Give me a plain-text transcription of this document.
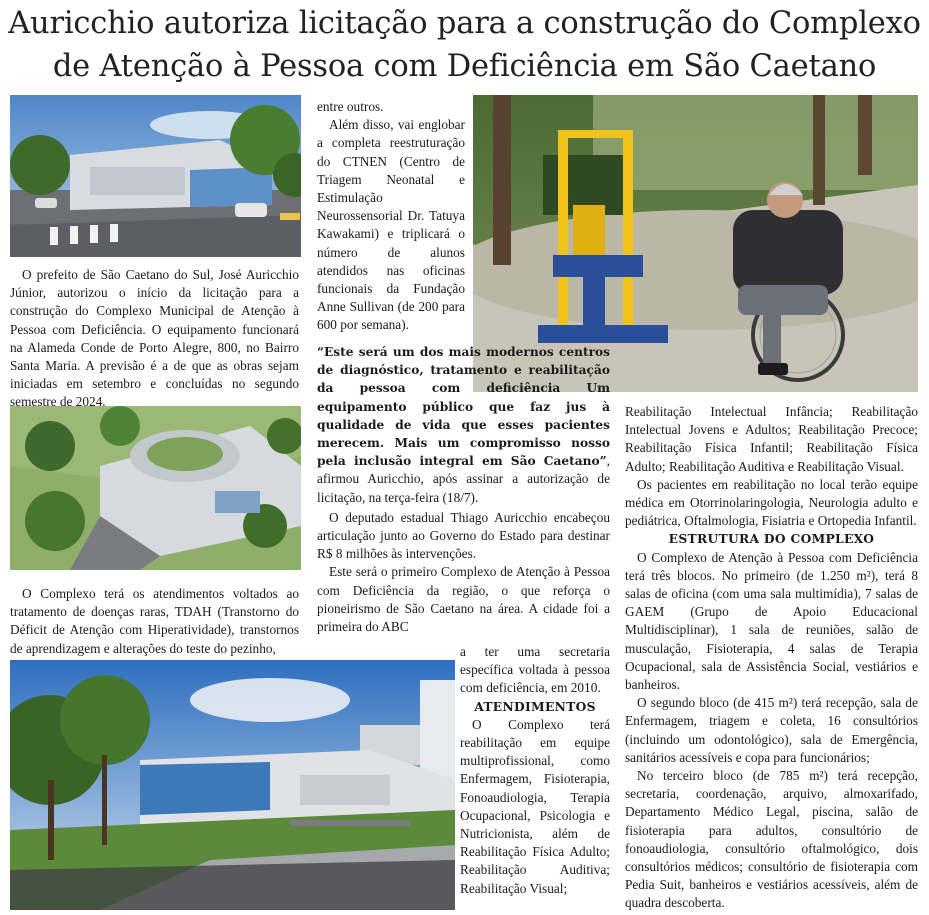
Auricchio autoriza licitação para a construção do Complexo
de Atenção à Pessoa com Deficiência em São Caetano

O prefeito de São Caetano do Sul, José Auricchio Júnior, autorizou o início da licitação para a construção do Complexo Municipal de Atenção à Pessoa com Deficiência. O equipamento funcionará na Alameda Conde de Porto Alegre, 800, no Bairro Santa Maria. A previsão é a de que as obras sejam iniciadas em setembro e concluídas no segundo semestre de 2024.

O Complexo terá os atendimentos voltados ao tratamento de doenças raras, TDAH (Transtorno do Déficit de Atenção com Hiperatividade), transtornos de aprendizagem e alterações do teste do pezinho,

entre outros.

Além disso, vai englobar a completa reestruturação do CTNEN (Centro de Triagem Neonatal e Estimulação Neurossensorial Dr. Tatuya Kawakami) e triplicará o número de alunos atendidos nas oficinas funcionais da Fundação Anne Sullivan (de 200 para 600 por semana).

“Este será um dos mais modernos centros de diagnóstico, tratamento e reabilitação da pessoa com deficiência Um equipamento público que faz jus à qualidade de vida que esses pacientes merecem. Mais um compromisso nosso pela inclusão integral em São Caetano”

, afirmou Auricchio, após assinar a autorização de licitação, na terça-feira (18/7).

O deputado estadual Thiago Auricchio encabeçou articulação junto ao Governo do Estado para destinar R$ 8 milhões às intervenções.

Este será o primeiro Complexo de Atenção à Pessoa com Deficiência da região, o que reforça o pioneirismo de São Caetano na área. A cidade foi a primeira do ABC

a ter uma secretaria específica voltada à pessoa com deficiência, em 2010.

ATENDIMENTOS

O Complexo terá reabilitação em equipe multiprofissional, como Enfermagem, Fisioterapia, Fonoaudiologia, Terapia Ocupacional, Psicologia e Nutricionista, além de Reabilitação Física Adulto; Reabilitação Auditiva; Reabilitação Visual;

Reabilitação Intelectual Infância; Reabilitação Intelectual Jovens e Adultos; Reabilitação Precoce; Reabilitação Física Infantil; Reabilitação Física Adulto; Reabilitação Auditiva e Reabilitação Visual.

Os pacientes em reabilitação no local terão equipe médica em Otorrinolaringologia, Neurologia adulto e pediátrica, Oftalmologia, Fisiatria e Ortopedia Infantil.

ESTRUTURA DO COMPLEXO

O Complexo de Atenção à Pessoa com Deficiência terá três blocos. No primeiro (de 1.250 m²), terá 8 salas de oficina (com uma sala multimídia), 7 salas de GAEM (Grupo de Apoio Educacional Multidisciplinar), 1 sala de reuniões, salão de musculação, Fisioterapia, 4 salas de Terapia Ocupacional, sala de Assistência Social, vestiários e banheiros.

O segundo bloco (de 415 m²) terá recepção, sala de Enfermagem, triagem e coleta, 16 consultórios (incluindo um odontológico), sala de Emergência, sanitários acessíveis e copa para funcionários;

No terceiro bloco (de 785 m²) terá recepção, secretaria, coordenação, arquivo, almoxarifado, Departamento Médico Legal, piscina, salão de fisioterapia para adultos, consultório de fonoaudiologia, consultório oftalmológico, dois consultórios médicos; consultório de fisioterapia com Pedia Suit, banheiros e vestiários acessíveis, além de quadra descoberta.
